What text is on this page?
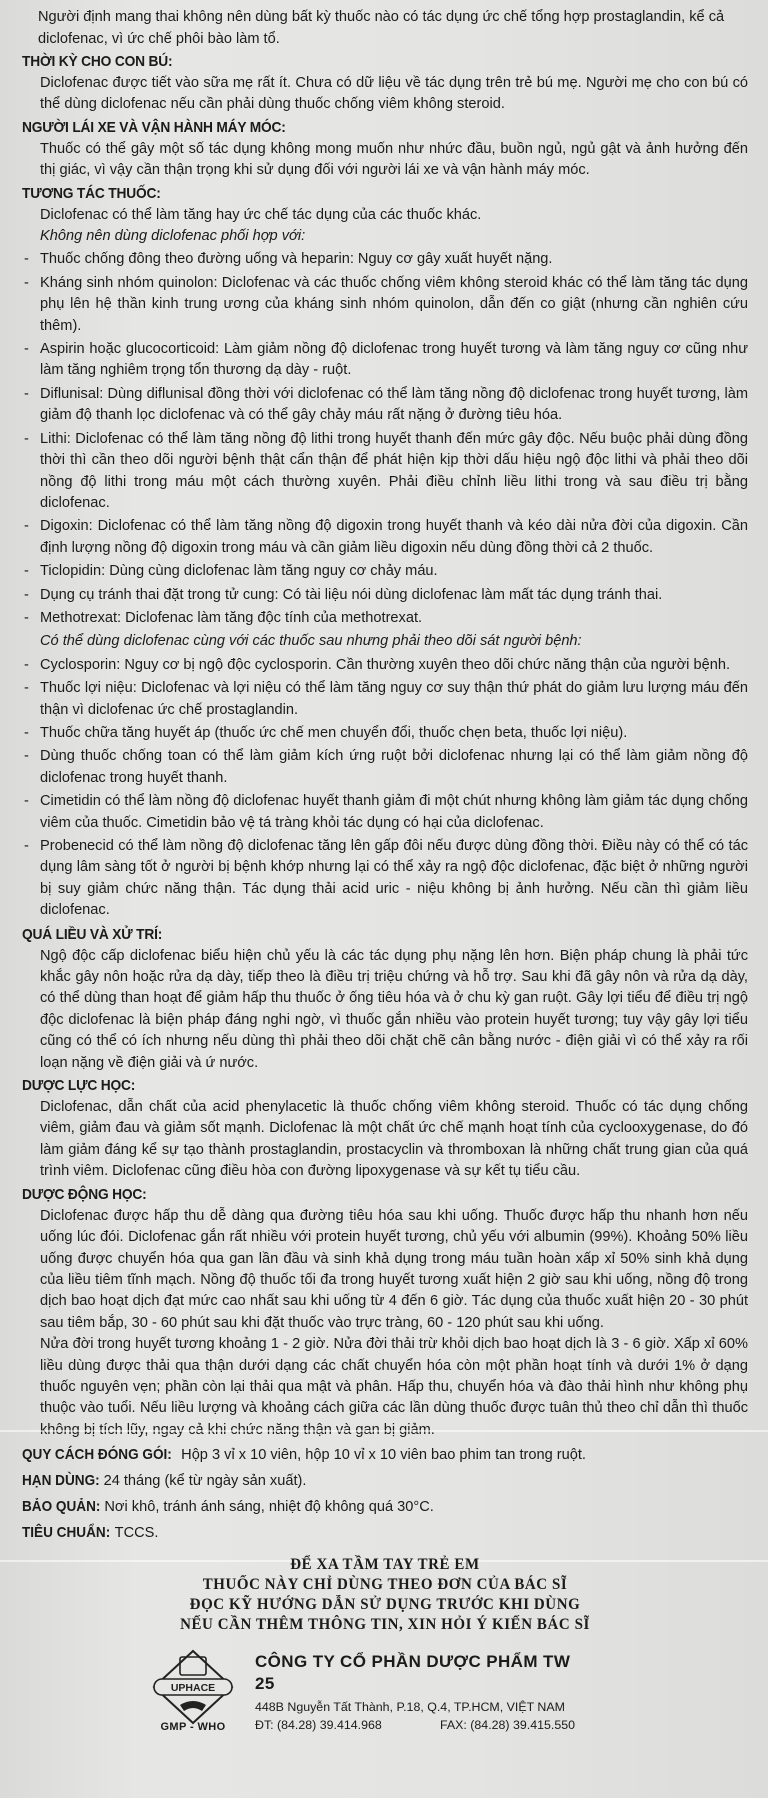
Người định mang thai không nên dùng bất kỳ thuốc nào có tác dụng ức chế tổng hợp prostaglandin, kể cả diclofenac, vì ức chế phôi bào làm tổ.

THỜI KỲ CHO CON BÚ:

Diclofenac được tiết vào sữa mẹ rất ít. Chưa có dữ liệu về tác dụng trên trẻ bú mẹ. Người mẹ cho con bú có thể dùng diclofenac nếu cần phải dùng thuốc chống viêm không steroid.

NGƯỜI LÁI XE VÀ VẬN HÀNH MÁY MÓC:

Thuốc có thể gây một số tác dụng không mong muốn như nhức đầu, buồn ngủ, ngủ gật và ảnh hưởng đến thị giác, vì vậy cần thận trọng khi sử dụng đối với người lái xe và vận hành máy móc.

TƯƠNG TÁC THUỐC:

Diclofenac có thể làm tăng hay ức chế tác dụng của các thuốc khác.

Không nên dùng diclofenac phối hợp với:

- Thuốc chống đông theo đường uống và heparin: Nguy cơ gây xuất huyết nặng.
- Kháng sinh nhóm quinolon: Diclofenac và các thuốc chống viêm không steroid khác có thể làm tăng tác dụng phụ lên hệ thần kinh trung ương của kháng sinh nhóm quinolon, dẫn đến co giật (nhưng cần nghiên cứu thêm).
- Aspirin hoặc glucocorticoid: Làm giảm nồng độ diclofenac trong huyết tương và làm tăng nguy cơ cũng như làm tăng nghiêm trọng tổn thương dạ dày - ruột.
- Diflunisal: Dùng diflunisal đồng thời với diclofenac có thể làm tăng nồng độ diclofenac trong huyết tương, làm giảm độ thanh lọc diclofenac và có thể gây chảy máu rất nặng ở đường tiêu hóa.
- Lithi: Diclofenac có thể làm tăng nồng độ lithi trong huyết thanh đến mức gây độc. Nếu buộc phải dùng đồng thời thì cần theo dõi người bệnh thật cẩn thận để phát hiện kịp thời dấu hiệu ngộ độc lithi và phải theo dõi nồng độ lithi trong máu một cách thường xuyên. Phải điều chỉnh liều lithi trong và sau điều trị bằng diclofenac.
- Digoxin: Diclofenac có thể làm tăng nồng độ digoxin trong huyết thanh và kéo dài nửa đời của digoxin. Cần định lượng nồng độ digoxin trong máu và cần giảm liều digoxin nếu dùng đồng thời cả 2 thuốc.
- Ticlopidin: Dùng cùng diclofenac làm tăng nguy cơ chảy máu.
- Dụng cụ tránh thai đặt trong tử cung: Có tài liệu nói dùng diclofenac làm mất tác dụng tránh thai.
- Methotrexat: Diclofenac làm tăng độc tính của methotrexat.

Có thể dùng diclofenac cùng với các thuốc sau nhưng phải theo dõi sát người bệnh:

- Cyclosporin: Nguy cơ bị ngộ độc cyclosporin. Cần thường xuyên theo dõi chức năng thận của người bệnh.
- Thuốc lợi niệu: Diclofenac và lợi niệu có thể làm tăng nguy cơ suy thận thứ phát do giảm lưu lượng máu đến thận vì diclofenac ức chế prostaglandin.
- Thuốc chữa tăng huyết áp (thuốc ức chế men chuyển đổi, thuốc chẹn beta, thuốc lợi niệu).
- Dùng thuốc chống toan có thể làm giảm kích ứng ruột bởi diclofenac nhưng lại có thể làm giảm nồng độ diclofenac trong huyết thanh.
- Cimetidin có thể làm nồng độ diclofenac huyết thanh giảm đi một chút nhưng không làm giảm tác dụng chống viêm của thuốc. Cimetidin bảo vệ tá tràng khỏi tác dụng có hại của diclofenac.
- Probenecid có thể làm nồng độ diclofenac tăng lên gấp đôi nếu được dùng đồng thời. Điều này có thể có tác dụng lâm sàng tốt ở người bị bệnh khớp nhưng lại có thể xảy ra ngộ độc diclofenac, đặc biệt ở những người bị suy giảm chức năng thận. Tác dụng thải acid uric - niệu không bị ảnh hưởng. Nếu cần thì giảm liều diclofenac.
QUÁ LIỀU VÀ XỬ TRÍ:

Ngộ độc cấp diclofenac biểu hiện chủ yếu là các tác dụng phụ nặng lên hơn. Biện pháp chung là phải tức khắc gây nôn hoặc rửa dạ dày, tiếp theo là điều trị triệu chứng và hỗ trợ. Sau khi đã gây nôn và rửa dạ dày, có thể dùng than hoạt để giảm hấp thu thuốc ở ống tiêu hóa và ở chu kỳ gan ruột. Gây lợi tiểu để điều trị ngộ độc diclofenac là biện pháp đáng nghi ngờ, vì thuốc gắn nhiều vào protein huyết tương; tuy vậy gây lợi tiểu cũng có thể có ích nhưng nếu dùng thì phải theo dõi chặt chẽ cân bằng nước - điện giải vì có thể xảy ra rối loạn nặng về điện giải và ứ nước.

DƯỢC LỰC HỌC:

Diclofenac, dẫn chất của acid phenylacetic là thuốc chống viêm không steroid. Thuốc có tác dụng chống viêm, giảm đau và giảm sốt mạnh. Diclofenac là một chất ức chế mạnh hoạt tính của cyclooxygenase, do đó làm giảm đáng kể sự tạo thành prostaglandin, prostacyclin và thromboxan là những chất trung gian của quá trình viêm. Diclofenac cũng điều hòa con đường lipoxygenase và sự kết tụ tiểu cầu.

DƯỢC ĐỘNG HỌC:

Diclofenac được hấp thu dễ dàng qua đường tiêu hóa sau khi uống. Thuốc được hấp thu nhanh hơn nếu uống lúc đói. Diclofenac gắn rất nhiều với protein huyết tương, chủ yếu với albumin (99%). Khoảng 50% liều uống được chuyển hóa qua gan lần đầu và sinh khả dụng trong máu tuần hoàn xấp xỉ 50% sinh khả dụng của liều tiêm tĩnh mạch. Nồng độ thuốc tối đa trong huyết tương xuất hiện 2 giờ sau khi uống, nồng độ trong dịch bao hoạt dịch đạt mức cao nhất sau khi uống từ 4 đến 6 giờ. Tác dụng của thuốc xuất hiện 20 - 30 phút sau tiêm bắp, 30 - 60 phút sau khi đặt thuốc vào trực tràng, 60 - 120 phút sau khi uống.

Nửa đời trong huyết tương khoảng 1 - 2 giờ. Nửa đời thải trừ khỏi dịch bao hoạt dịch là 3 - 6 giờ. Xấp xỉ 60% liều dùng được thải qua thận dưới dạng các chất chuyển hóa còn một phần hoạt tính và dưới 1% ở dạng thuốc nguyên vẹn; phần còn lại thải qua mật và phân. Hấp thu, chuyển hóa và đào thải hình như không phụ thuộc vào tuổi. Nếu liều lượng và khoảng cách giữa các lần dùng thuốc được tuân thủ theo chỉ dẫn thì thuốc

QUY CÁCH ĐÓNG GÓI: Hộp 3 vỉ x 10 viên, hộp 10 vỉ x 10 viên bao phim tan trong ruột.
HẠN DÙNG: 24 tháng (kể từ ngày sản xuất).
BẢO QUẢN: Nơi khô, tránh ánh sáng, nhiệt độ không quá 30°C.
TIÊU CHUẨN: TCCS.

ĐỂ XA TẦM TAY TRẺ EM

THUỐC NÀY CHỈ DÙNG THEO ĐƠN CỦA BÁC SĨ

ĐỌC KỸ HƯỚNG DẪN SỬ DỤNG TRƯỚC KHI DÙNG

NẾU CẦN THÊM THÔNG TIN, XIN HỎI Ý KIẾN BÁC SĨ

UPHACE
GMP - WHO
CÔNG TY CỔ PHẦN DƯỢC PHẨM TW 25
448B Nguyễn Tất Thành, P.18, Q.4, TP.HCM, VIỆT NAM
ĐT: (84.28) 39.414.968	FAX: (84.28) 39.415.550
